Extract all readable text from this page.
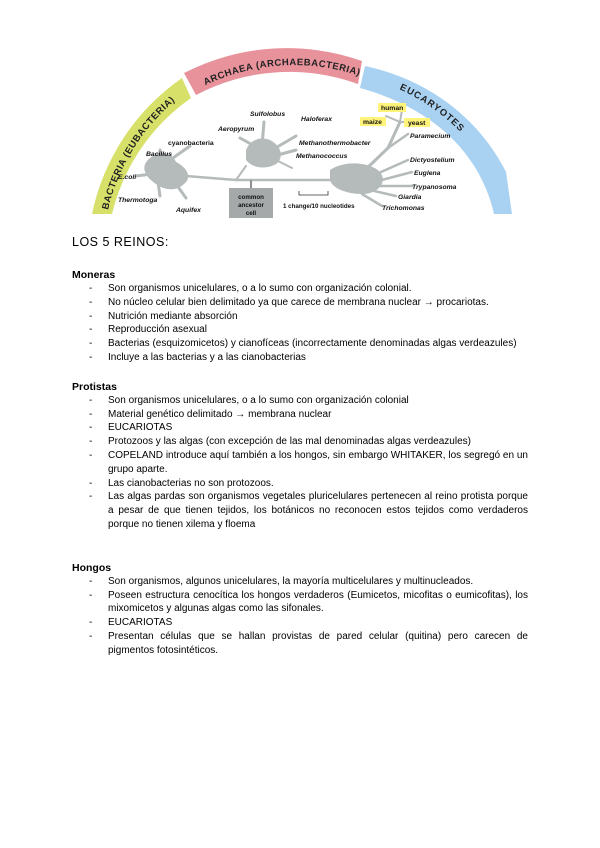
BACTERIA (EUBACTERIA)
ARCHAEA (ARCHAEBACTERIA)
EUCARYOTES
common
ancestor
cell
1 change/10 nucleotides
Bacillus
cyanobacteria
E.coli
Thermotoga
Aquifex
Aeropyrum
Sulfolobus
Haloferax
Methanothermobacter
Methanococcus
human
maize	yeast
Paramecium
Dictyostelium
Euglena
Trypanosoma
Giardia
Trichomonas
LOS 5 REINOS:
Moneras
- Son organismos unicelulares, o a lo sumo con organización colonial.
- No núcleo celular bien delimitado ya que carece de membrana nuclear → procariotas.
- Nutrición mediante absorción
- Reproducción asexual
- Bacterias (esquizomicetos) y cianofíceas (incorrectamente denominadas algas verdeazules)
- Incluye a las bacterias y a las cianobacterias
Protistas
- Son organismos unicelulares, o a lo sumo con organización colonial
- Material genético delimitado → membrana nuclear
- EUCARIOTAS
- Protozoos y las algas (con excepción de las mal denominadas algas verdeazules)
- COPELAND introduce aquí también a los hongos, sin embargo WHITAKER, los segregó en un grupo aparte.
- Las cianobacterias no son protozoos.
- Las algas pardas son organismos vegetales pluricelulares pertenecen al reino protista porque a pesar de que tienen tejidos, los botánicos no reconocen estos tejidos como verdaderos porque no tienen xilema y floema
Hongos
- Son organismos, algunos unicelulares, la mayoría multicelulares y multinucleados.
- Poseen estructura cenocítica los hongos verdaderos (Eumicetos, micofitas o eumicofitas), los mixomicetos y algunas algas como las sifonales.
- EUCARIOTAS
- Presentan células que se hallan provistas de pared celular (quitina) pero carecen de pigmentos fotosintéticos.
